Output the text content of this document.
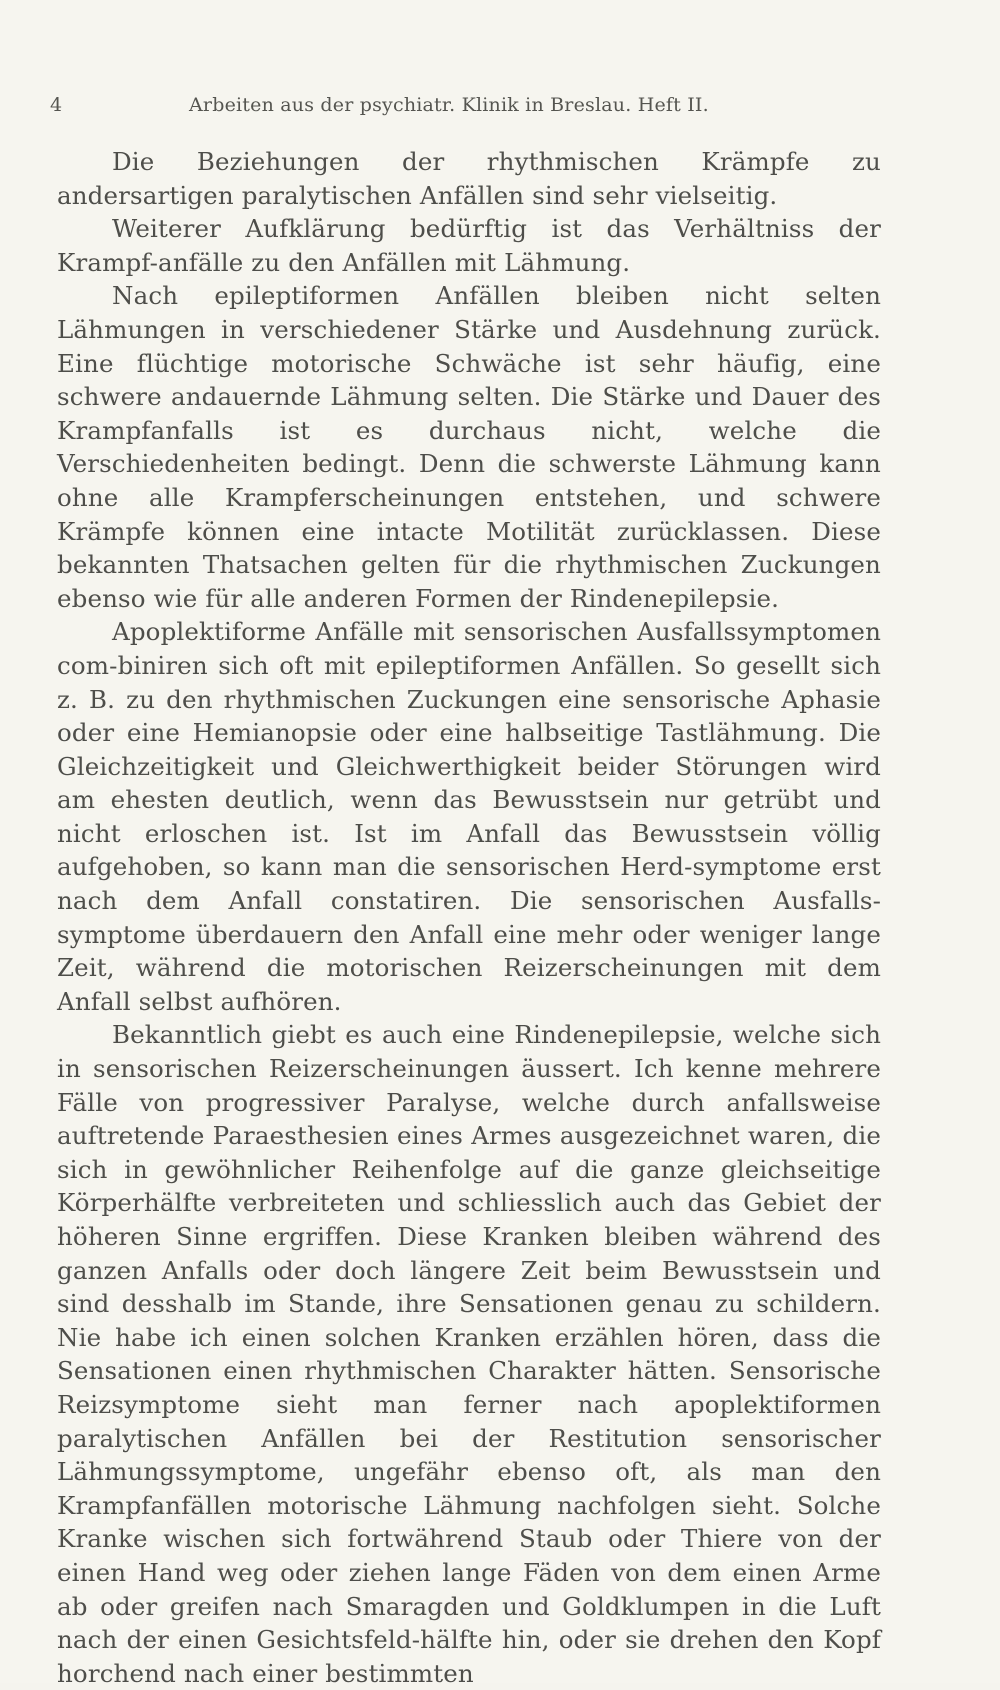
4	Arbeiten aus der psychiatr. Klinik in Breslau. Heft II.

Die Beziehungen der rhythmischen Krämpfe zu andersartigen paralytischen Anfällen sind sehr vielseitig.

Weiterer Aufklärung bedürftig ist das Verhältniss der Krampf-anfälle zu den Anfällen mit Lähmung.

Nach epileptiformen Anfällen bleiben nicht selten Lähmungen in verschiedener Stärke und Ausdehnung zurück. Eine flüchtige motorische Schwäche ist sehr häufig, eine schwere andauernde Lähmung selten. Die Stärke und Dauer des Krampfanfalls ist es durchaus nicht, welche die Verschiedenheiten bedingt. Denn die schwerste Lähmung kann ohne alle Krampferscheinungen entstehen, und schwere Krämpfe können eine intacte Motilität zurücklassen. Diese bekannten Thatsachen gelten für die rhythmischen Zuckungen ebenso wie für alle anderen Formen der Rindenepilepsie.

Apoplektiforme Anfälle mit sensorischen Ausfallssymptomen com-biniren sich oft mit epileptiformen Anfällen. So gesellt sich z. B. zu den rhythmischen Zuckungen eine sensorische Aphasie oder eine Hemianopsie oder eine halbseitige Tastlähmung. Die Gleichzeitigkeit und Gleichwerthigkeit beider Störungen wird am ehesten deutlich, wenn das Bewusstsein nur getrübt und nicht erloschen ist. Ist im Anfall das Bewusstsein völlig aufgehoben, so kann man die sensorischen Herd-symptome erst nach dem Anfall constatiren. Die sensorischen Ausfalls-symptome überdauern den Anfall eine mehr oder weniger lange Zeit, während die motorischen Reizerscheinungen mit dem Anfall selbst aufhören.

Bekanntlich giebt es auch eine Rindenepilepsie, welche sich in sensorischen Reizerscheinungen äussert. Ich kenne mehrere Fälle von progressiver Paralyse, welche durch anfallsweise auftretende Paraesthesien eines Armes ausgezeichnet waren, die sich in gewöhnlicher Reihenfolge auf die ganze gleichseitige Körperhälfte verbreiteten und schliesslich auch das Gebiet der höheren Sinne ergriffen. Diese Kranken bleiben während des ganzen Anfalls oder doch längere Zeit beim Bewusstsein und sind desshalb im Stande, ihre Sensationen genau zu schildern. Nie habe ich einen solchen Kranken erzählen hören, dass die Sensationen einen rhythmischen Charakter hätten. Sensorische Reizsymptome sieht man ferner nach apoplektiformen paralytischen Anfällen bei der Restitution sensorischer Lähmungssymptome, ungefähr ebenso oft, als man den Krampfanfällen motorische Lähmung nachfolgen sieht. Solche Kranke wischen sich fortwährend Staub oder Thiere von der einen Hand weg oder ziehen lange Fäden von dem einen Arme ab oder greifen nach Smaragden und Goldklumpen in die Luft nach der einen Gesichtsfeld-hälfte hin, oder sie drehen den Kopf horchend nach einer bestimmten
